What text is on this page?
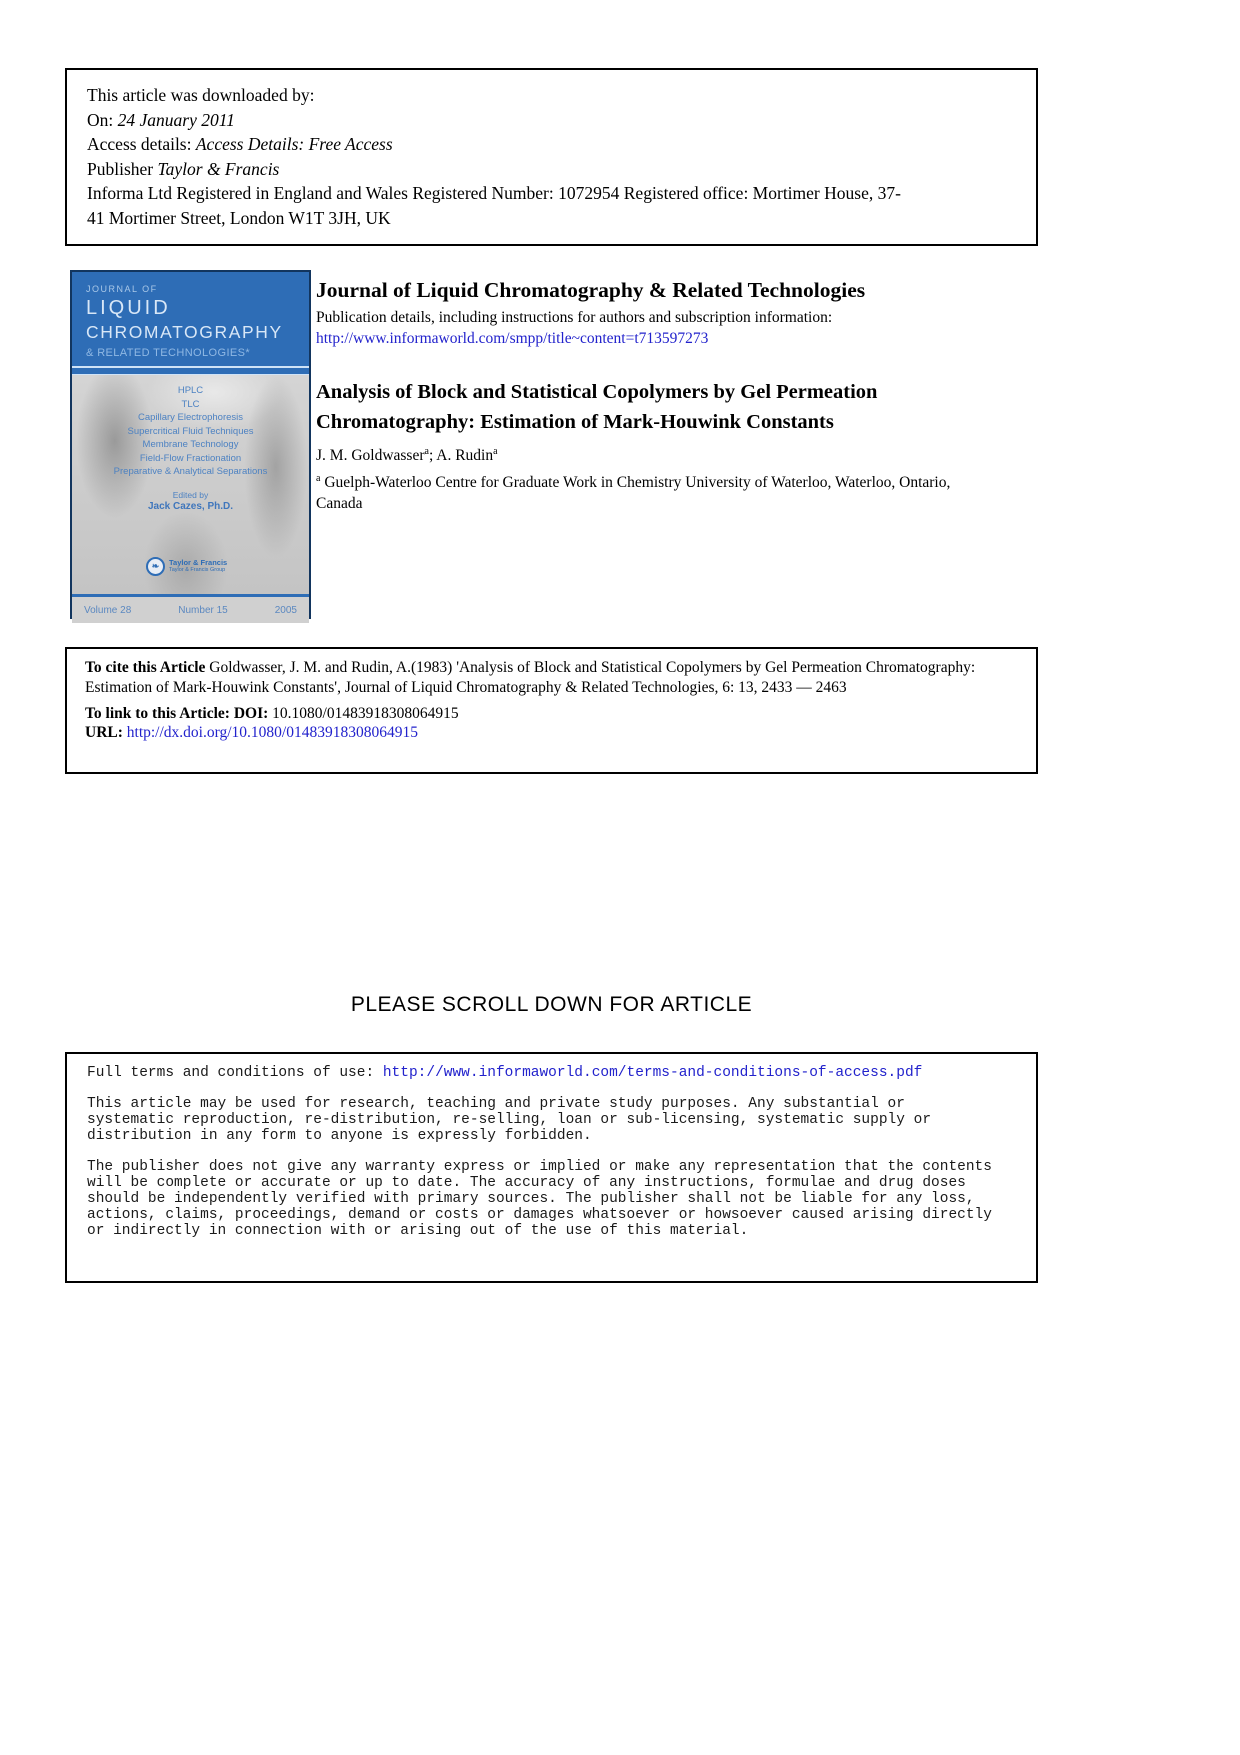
This article was downloaded by:

On: 24 January 2011

Access details: Access Details: Free Access

Publisher Taylor & Francis

Informa Ltd Registered in England and Wales Registered Number: 1072954 Registered office: Mortimer House, 37-

41 Mortimer Street, London W1T 3JH, UK

JOURNAL OF
LIQUID
CHROMATOGRAPHY
& RELATED TECHNOLOGIES*
HPLC
TLC
Capillary Electrophoresis
Supercritical Fluid Techniques
Membrane Technology
Field-Flow Fractionation
Preparative & Analytical Separations
Edited by
Jack Cazes, Ph.D.
❧	Taylor & Francis
Taylor & Francis Group
Volume 28	Number 15	2005
Journal of Liquid Chromatography & Related Technologies

Publication details, including instructions for authors and subscription information:

http://www.informaworld.com/smpp/title~content=t713597273
Analysis of Block and Statistical Copolymers by Gel Permeation
Chromatography: Estimation of Mark-Houwink Constants

J. M. Goldwasser$^a$; A. Rudin$^a$

$^a$ Guelph-Waterloo Centre for Graduate Work in Chemistry University of Waterloo, Waterloo, Ontario, Canada

To cite this Article Goldwasser, J. M. and Rudin, A.(1983) 'Analysis of Block and Statistical Copolymers by Gel Permeation Chromatography: Estimation of Mark-Houwink Constants', Journal of Liquid Chromatography & Related Technologies, 6: 13, 2433 — 2463

To link to this Article: DOI: 10.1080/01483918308064915

URL: http://dx.doi.org/10.1080/01483918308064915

PLEASE SCROLL DOWN FOR ARTICLE
Full terms and conditions of use: http://www.informaworld.com/terms-and-conditions-of-access.pdf
This article may be used for research, teaching and private study purposes. Any substantial or
systematic reproduction, re-distribution, re-selling, loan or sub-licensing, systematic supply or
distribution in any form to anyone is expressly forbidden.
The publisher does not give any warranty express or implied or make any representation that the contents
will be complete or accurate or up to date. The accuracy of any instructions, formulae and drug doses
should be independently verified with primary sources. The publisher shall not be liable for any loss,
actions, claims, proceedings, demand or costs or damages whatsoever or howsoever caused arising directly
or indirectly in connection with or arising out of the use of this material.
